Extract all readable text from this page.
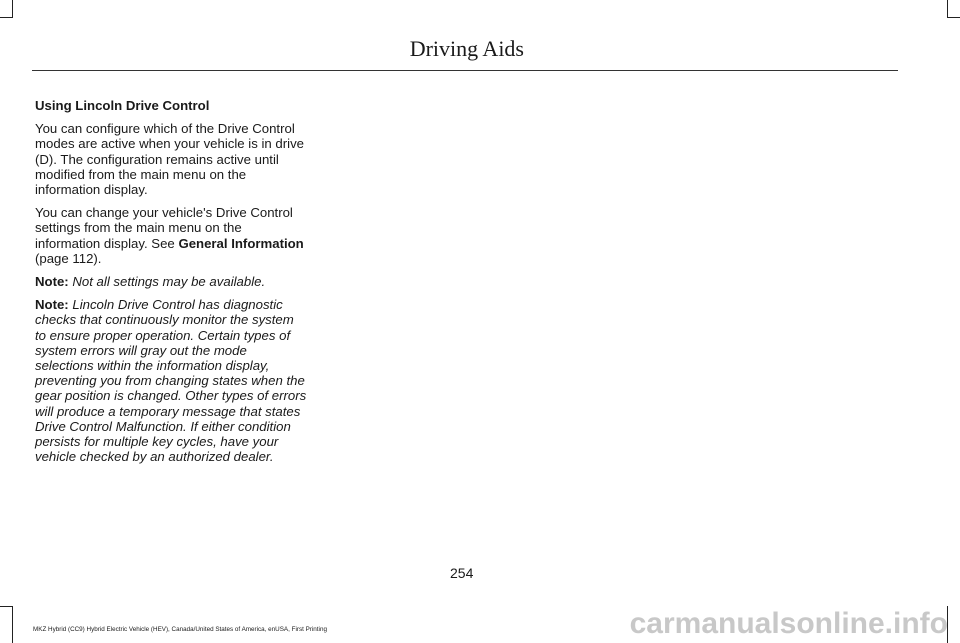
Driving Aids
Using Lincoln Drive Control

You can configure which of the Drive Control modes are active when your vehicle is in drive (D). The configuration remains active until modified from the main menu on the information display.

You can change your vehicle's Drive Control settings from the main menu on the information display. See General Information (page 112).

Note: Not all settings may be available.

Note: Lincoln Drive Control has diagnostic checks that continuously monitor the system to ensure proper operation. Certain types of system errors will gray out the mode selections within the information display, preventing you from changing states when the gear position is changed. Other types of errors will produce a temporary message that states Drive Control Malfunction. If either condition persists for multiple key cycles, have your vehicle checked by an authorized dealer.

254
MKZ Hybrid (CC9) Hybrid Electric Vehicle (HEV), Canada/United States of America, enUSA, First Printing	carmanualsonline.info
